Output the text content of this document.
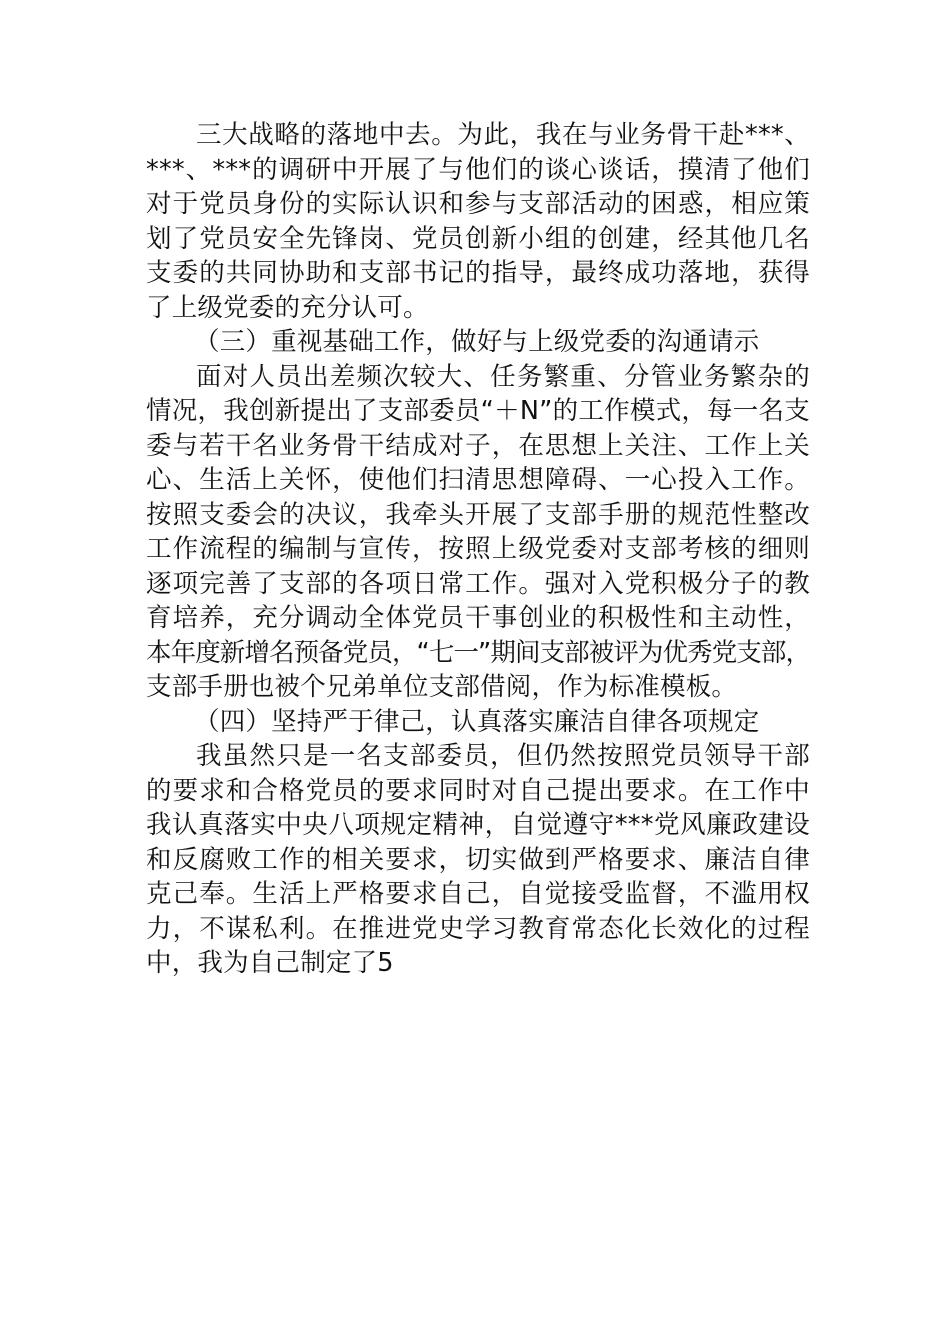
三大战略的落地中去。为此，我在与业务骨干赴***、
***、***的调研中开展了与他们的谈心谈话，摸清了他们
对于党员身份的实际认识和参与支部活动的困惑，相应策
划了党员安全先锋岗、党员创新小组的创建，经其他几名
支委的共同协助和支部书记的指导，最终成功落地，获得
了上级党委的充分认可。
（三）重视基础工作，做好与上级党委的沟通请示
面对人员出差频次较大、任务繁重、分管业务繁杂的
情况，我创新提出了支部委员“＋N”的工作模式，每一名支
委与若干名业务骨干结成对子，在思想上关注、工作上关
心、生活上关怀，使他们扫清思想障碍、一心投入工作。
按照支委会的决议，我牵头开展了支部手册的规范性整改
工作流程的编制与宣传，按照上级党委对支部考核的细则
逐项完善了支部的各项日常工作。强对入党积极分子的教
育培养，充分调动全体党员干事创业的积极性和主动性，
本年度新增名预备党员，“七一”期间支部被评为优秀党支部，
支部手册也被个兄弟单位支部借阅，作为标准模板。
（四）坚持严于律己，认真落实廉洁自律各项规定
我虽然只是一名支部委员，但仍然按照党员领导干部
的要求和合格党员的要求同时对自己提出要求。在工作中
我认真落实中央八项规定精神，自觉遵守***党风廉政建设
和反腐败工作的相关要求，切实做到严格要求、廉洁自律
克己奉。生活上严格要求自己，自觉接受监督，不滥用权
力，不谋私利。在推进党史学习教育常态化长效化的过程
中，我为自己制定了5
